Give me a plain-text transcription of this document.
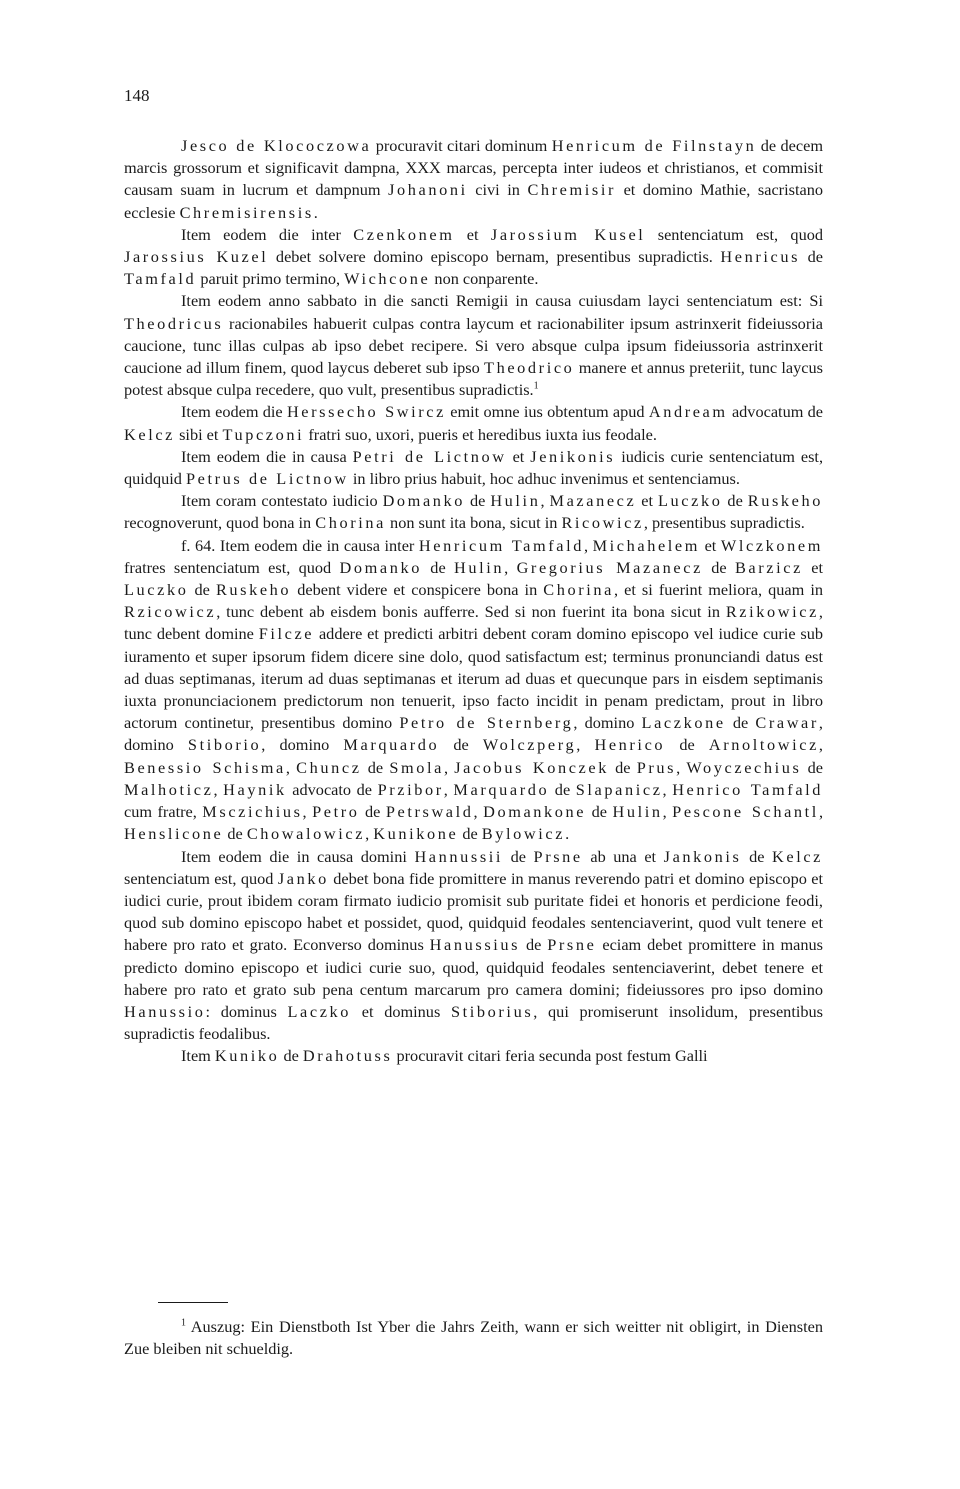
148

Jesco de Klococzowa procuravit citari dominum Henricum de Filnstayn de decem marcis grossorum et significavit dampna, XXX marcas, percepta inter iudeos et christianos, et commisit causam suam in lucrum et dampnum Johanoni civi in Chremisir et domino Mathie, sacristano ecclesie Chremisirensis.

Item eodem die inter Czenkonem et Jarossium Kusel sentenciatum est, quod Jarossius Kuzel debet solvere domino episcopo bernam, presentibus supradictis. Henricus de Tamfald paruit primo termino, Wichcone non conparente.

Item eodem anno sabbato in die sancti Remigii in causa cuiusdam layci sentenciatum est: Si Theodricus racionabiles habuerit culpas contra laycum et racionabiliter ipsum astrinxerit fideiussoria caucione, tunc illas culpas ab ipso debet recipere. Si vero absque culpa ipsum fideiussoria astrinxerit caucione ad illum finem, quod laycus deberet sub ipso Theodrico manere et annus preteriit, tunc laycus potest absque culpa recedere, quo vult, presentibus supradictis.$^1$

Item eodem die Herssecho Swircz emit omne ius obtentum apud Andream advocatum de Kelcz sibi et Tupczoni fratri suo, uxori, pueris et heredibus iuxta ius feodale.

Item eodem die in causa Petri de Lictnow et Jenikonis iudicis curie sentenciatum est, quidquid Petrus de Lictnow in libro prius habuit, hoc adhuc invenimus et sentenciamus.

Item coram contestato iudicio Domanko de Hulin, Mazanecz et Luczko de Ruskeho recognoverunt, quod bona in Chorina non sunt ita bona, sicut in Ricowicz, presentibus supradictis.

f. 64. Item eodem die in causa inter Henricum Tamfald, Michahelem et Wlczkonem fratres sentenciatum est, quod Domanko de Hulin, Gregorius Mazanecz de Barzicz et Luczko de Ruskeho debent videre et conspicere bona in Chorina, et si fuerint meliora, quam in Rzicowicz, tunc debent ab eisdem bonis aufferre. Sed si non fuerint ita bona sicut in Rzikowicz, tunc debent domine Filcze addere et predicti arbitri debent coram domino episcopo vel iudice curie sub iuramento et super ipsorum fidem dicere sine dolo, quod satisfactum est; terminus pronunciandi datus est ad duas septimanas, iterum ad duas septimanas et iterum ad duas et quecunque pars in eisdem septimanis iuxta pronunciacionem predictorum non tenuerit, ipso facto incidit in penam predictam, prout in libro actorum continetur, presentibus domino Petro de Sternberg, domino Laczkone de Crawar, domino Stiborio, domino Marquardo de Wolczperg, Henrico de Arnoltowicz, Benessio Schisma, Chuncz de Smola, Jacobus Konczek de Prus, Woyczechius de Malhoticz, Haynik advocato de Przibor, Marquardo de Slapanicz, Henrico Tamfald cum fratre, Msczichius, Petro de Petrswald, Domankone de Hulin, Pescone Schantl, Henslicone de Chowalowicz, Kunikone de Bylowicz.

Item eodem die in causa domini Hannussii de Prsne ab una et Jankonis de Kelcz sentenciatum est, quod Janko debet bona fide promittere in manus reverendo patri et domino episcopo et iudici curie, prout ibidem coram firmato iudicio promisit sub puritate fidei et honoris et perdicione feodi, quod sub domino episcopo habet et possidet, quod, quidquid feodales sentenciaverint, quod vult tenere et habere pro rato et grato. Econverso dominus Hanussius de Prsne eciam debet promittere in manus predicto domino episcopo et iudici curie suo, quod, quidquid feodales sentenciaverint, debet tenere et habere pro rato et grato sub pena centum marcarum pro camera domini; fideiussores pro ipso domino Hanussio: dominus Laczko et dominus Stiborius, qui promiserunt insolidum, presentibus supradictis feodalibus.

Item Kuniko de Drahotuss procuravit citari feria secunda post festum Galli

$^1$ Auszug: Ein Dienstboth Ist Yber die Jahrs Zeith, wann er sich weitter nit obligirt, in Diensten Zue bleiben nit schueldig.
